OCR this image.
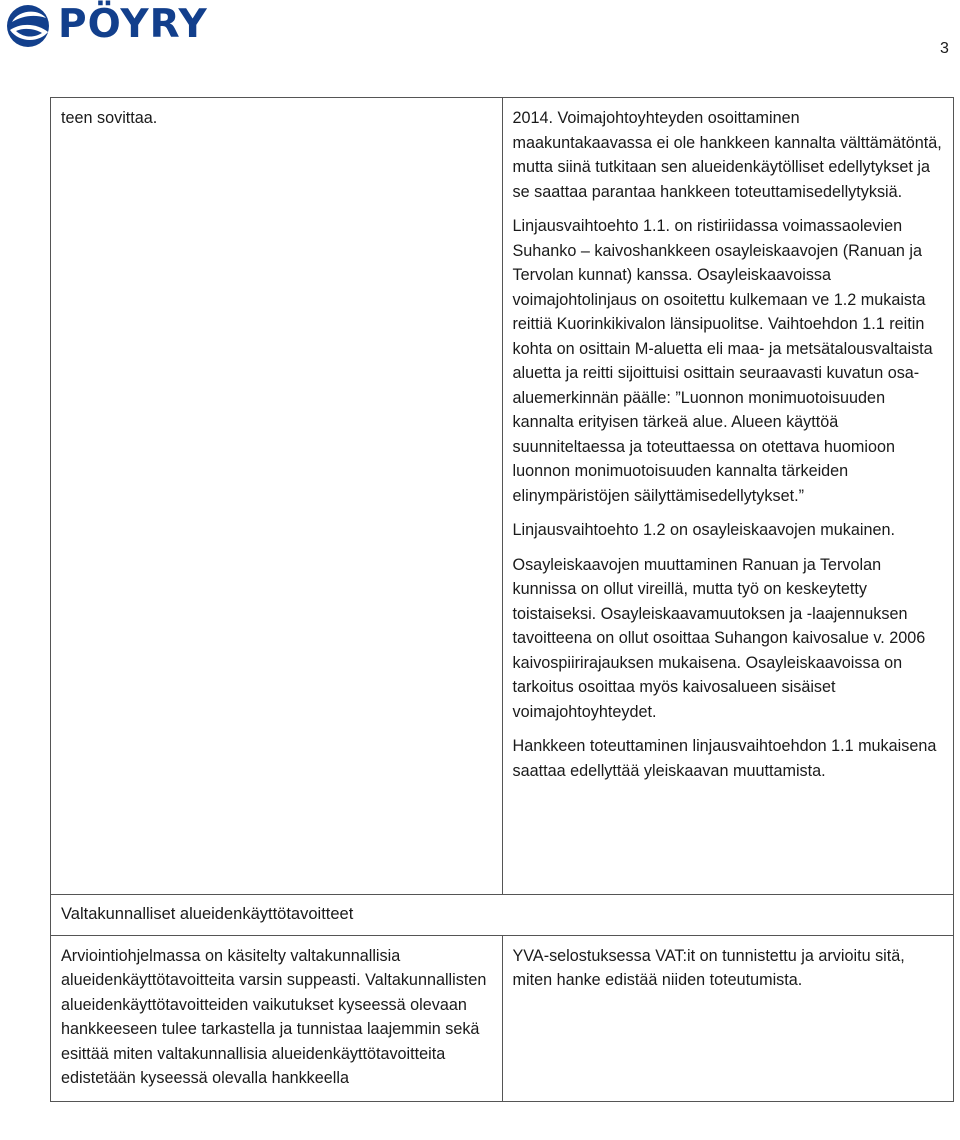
PÖYRY
3

teen sovittaa.	2014. Voimajohtoyhteyden osoittaminen maakuntakaavassa ei ole hankkeen kannalta välttämätöntä, mutta siinä tutkitaan sen alueidenkäytölliset edellytykset ja se saattaa parantaa hankkeen toteuttamisedellytyksiä.

Linjausvaihtoehto 1.1. on ristiriidassa voimassaolevien Suhanko – kaivoshankkeen osayleiskaavojen (Ranuan ja Tervolan kunnat) kanssa. Osayleiskaavoissa voimajohtolinjaus on osoitettu kulkemaan ve 1.2 mukaista reittiä Kuorinkikivalon länsipuolitse. Vaihtoehdon 1.1 reitin kohta on osittain M-aluetta eli maa- ja metsätalousvaltaista aluetta ja reitti sijoittuisi osittain seuraavasti kuvatun osa-aluemerkinnän päälle: ”Luonnon monimuotoisuuden kannalta erityisen tärkeä alue. Alueen käyttöä suunniteltaessa ja toteuttaessa on otettava huomioon luonnon monimuotoisuuden kannalta tärkeiden elinympäristöjen säilyttämisedellytykset.”

Linjausvaihtoehto 1.2 on osayleiskaavojen mukainen.

Osayleiskaavojen muuttaminen Ranuan ja Tervolan kunnissa on ollut vireillä, mutta työ on keskeytetty toistaiseksi. Osayleiskaavamuutoksen ja -laajennuksen tavoitteena on ollut osoittaa Suhangon kaivosalue v. 2006 kaivospiirirajauksen mukaisena. Osayleiskaavoissa on tarkoitus osoittaa myös kaivosalueen sisäiset voimajohtoyhteydet.

Hankkeen toteuttaminen linjausvaihtoehdon 1.1 mukaisena saattaa edellyttää yleiskaavan muuttamista.

Valtakunnalliset alueidenkäyttötavoitteet	

Arviointiohjelmassa on käsitelty valtakunnallisia alueidenkäyttötavoitteita varsin suppeasti. Valtakunnallisten alueidenkäyttötavoitteiden vaikutukset kyseessä olevaan hankkeeseen tulee tarkastella ja tunnistaa laajemmin sekä esittää miten valtakunnallisia alueidenkäyttötavoitteita edistetään kyseessä olevalla hankkeella	YVA-selostuksessa VAT:it on tunnistettu ja arvioitu sitä, miten hanke edistää niiden toteutumista.
